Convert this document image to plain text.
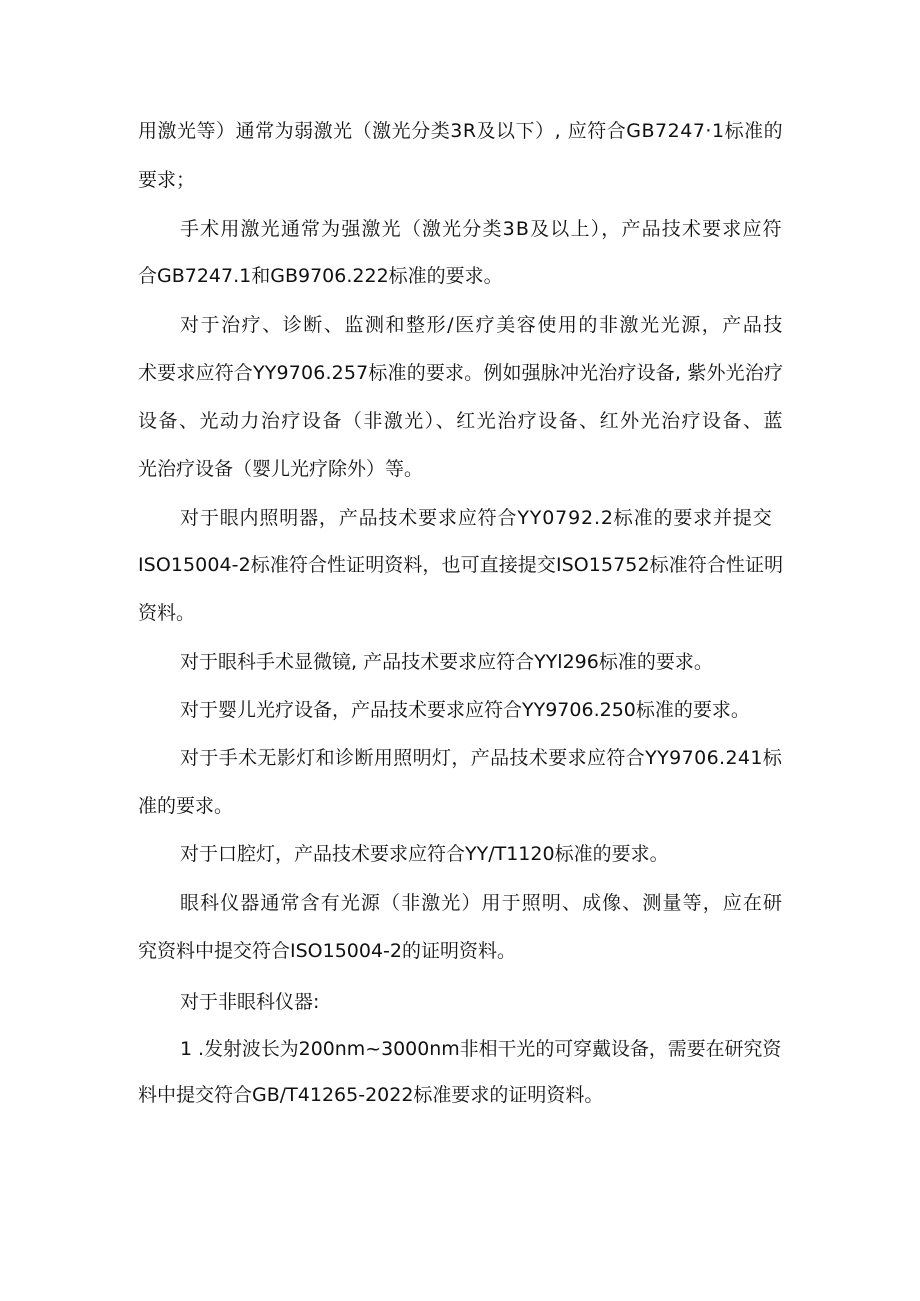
用激光等）通常为弱激光（激光分类3R及以下）, 应符合GB7247·1标准的

要求；

手术用激光通常为强激光（激光分类3B及以上），产品技术要求应符

合GB7247.1和GB9706.222标准的要求。

对于治疗、诊断、监测和整形/医疗美容使用的非激光光源，产品技

术要求应符合YY9706.257标准的要求。例如强脉冲光治疗设备, 紫外光治疗

设备、光动力治疗设备（非激光）、红光治疗设备、红外光治疗设备、蓝

光治疗设备（婴儿光疗除外）等。

对于眼内照明器，产品技术要求应符合YY0792.2标准的要求并提交

ISO15004-2标准符合性证明资料，也可直接提交ISO15752标准符合性证明

资料。

对于眼科手术显微镜, 产品技术要求应符合YYl296标准的要求。

对于婴儿光疗设备，产品技术要求应符合YY9706.250标准的要求。

对于手术无影灯和诊断用照明灯，产品技术要求应符合YY9706.241标

准的要求。

对于口腔灯，产品技术要求应符合YY/T1120标准的要求。

眼科仪器通常含有光源（非激光）用于照明、成像、测量等，应在研

究资料中提交符合ISO15004-2的证明资料。

对于非眼科仪器:

1 .发射波长为200nm~3000nm非相干光的可穿戴设备，需要在研究资

料中提交符合GB/T41265-2022标准要求的证明资料。
